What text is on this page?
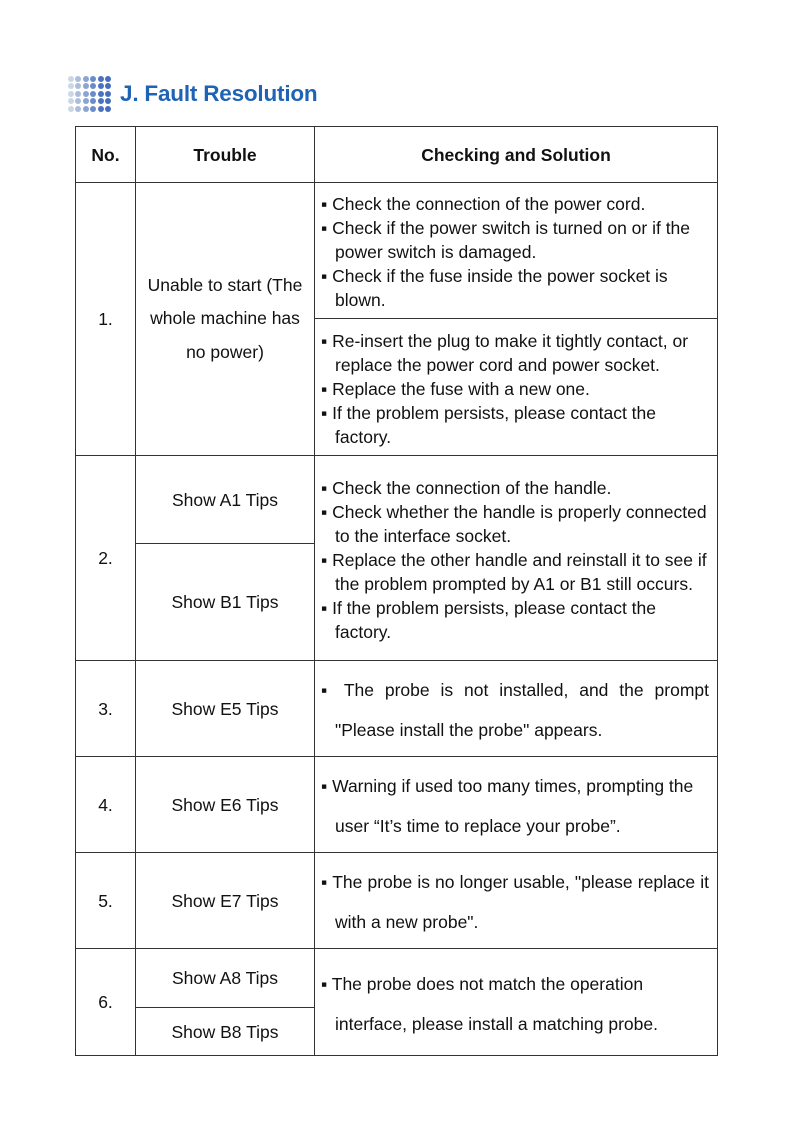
J. Fault Resolution
No.	Trouble	Checking and Solution
1.	Unable to start (The whole machine has no power)	▪ Check the connection of the power cord.
▪ Check if the power switch is turned on or if the power switch is damaged.
▪ Check if the fuse inside the power socket is blown.

		▪ Re-insert the plug to make it tightly contact, or replace the power cord and power socket.
▪ Replace the fuse with a new one.
▪ If the problem persists, please contact the factory.

2.	Show A1 Tips	▪ Check the connection of the handle.
▪ Check whether the handle is properly connected to the interface socket.
▪ Replace the other handle and reinstall it to see if the problem prompted by A1 or B1 still occurs.
▪ If the problem persists, please contact the factory.

	Show B1 Tips	
3.	Show E5 Tips	▪ The probe is not installed, and the prompt "Please install the probe" appears.

4.	Show E6 Tips	▪ Warning if used too many times, prompting the user “It’s time to replace your probe”.

5.	Show E7 Tips	▪ The probe is no longer usable, "please replace it with a new probe".

6.	Show A8 Tips	▪ The probe does not match the operation interface, please install a matching probe.

	Show B8 Tips	
